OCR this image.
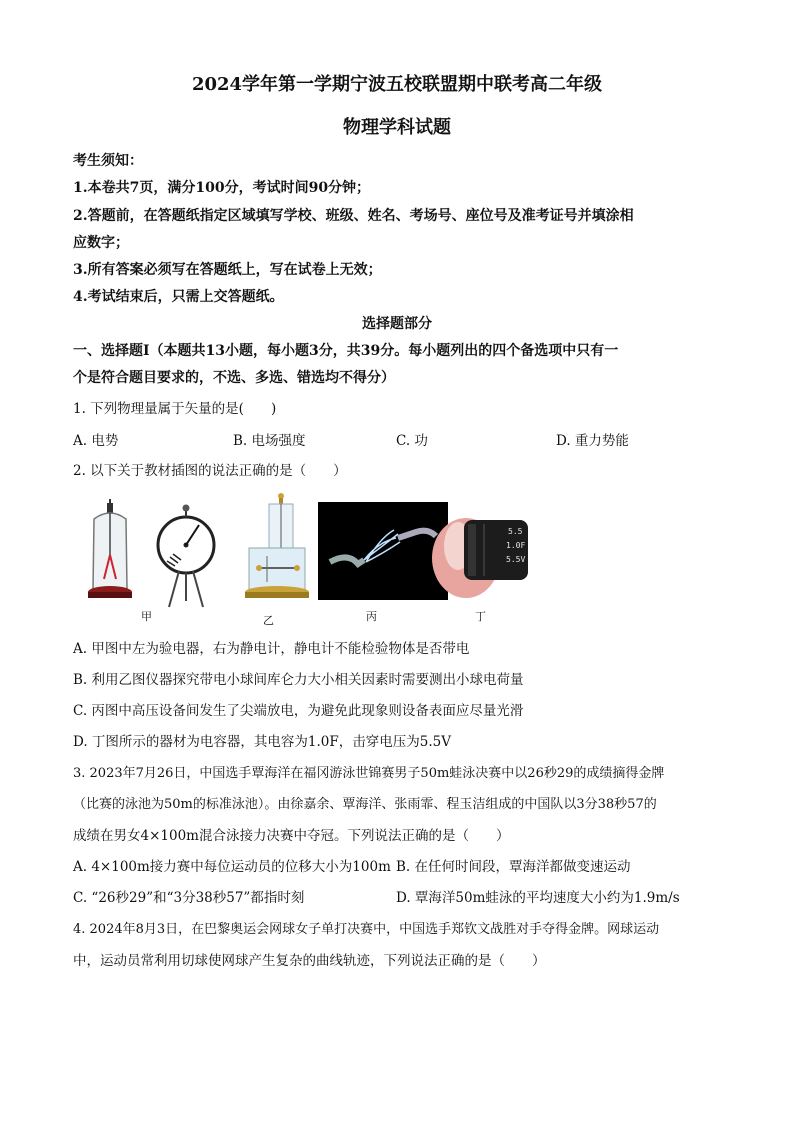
2024学年第一学期宁波五校联盟期中联考高二年级
物理学科试题
考生须知：
1.本卷共7页，满分100分，考试时间90分钟；
2.答题前，在答题纸指定区域填写学校、班级、姓名、考场号、座位号及准考证号并填涂相
应数字；
3.所有答案必须写在答题纸上，写在试卷上无效；
4.考试结束后，只需上交答题纸。
选择题部分
一、选择题Ⅰ（本题共13小题，每小题3分，共39分。每小题列出的四个备选项中只有一
个是符合题目要求的，不选、多选、错选均不得分）
1. 下列物理量属于矢量的是(　　)
A. 电势	B. 电场强度	C. 功	D. 重力势能
2. 以下关于教材插图的说法正确的是（　　）
5.5
1.0F
5.5V
甲	乙	丙	丁
A. 甲图中左为验电器，右为静电计，静电计不能检验物体是否带电
B. 利用乙图仪器探究带电小球间库仑力大小相关因素时需要测出小球电荷量
C. 丙图中高压设备间发生了尖端放电，为避免此现象则设备表面应尽量光滑
D. 丁图所示的器材为电容器，其电容为1.0F，击穿电压为5.5V
3. 2023年7月26日，中国选手覃海洋在福冈游泳世锦赛男子50m蛙泳决赛中以26秒29的成绩摘得金牌
（比赛的泳池为50m的标准泳池）。由徐嘉余、覃海洋、张雨霏、程玉洁组成的中国队以3分38秒57的
成绩在男女4×100m混合泳接力决赛中夺冠。下列说法正确的是（　　）
A. 4×100m接力赛中每位运动员的位移大小为100m B. 在任何时间段，覃海洋都做变速运动
C. “26秒29”和“3分38秒57”都指时刻	D. 覃海洋50m蛙泳的平均速度大小约为1.9m/s
4. 2024年8月3日，在巴黎奥运会网球女子单打决赛中，中国选手郑钦文战胜对手夺得金牌。网球运动
中，运动员常利用切球使网球产生复杂的曲线轨迹，下列说法正确的是（　　）
